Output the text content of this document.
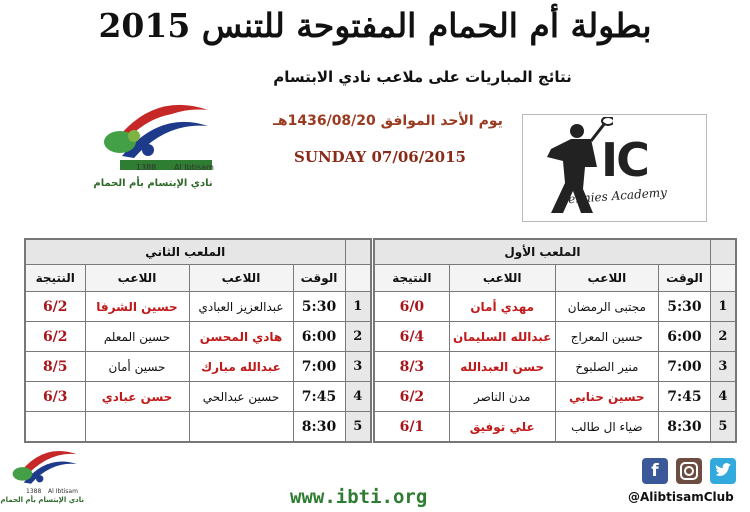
بطولة أم الحمام المفتوحة للتنس 2015
نتائج المباريات على ملاعب نادي الابتسام
يوم الأحد الموافق 1436/08/20هـ
SUNDAY 07/06/2015
1388 Al Ibtisam
نادي الإبتسام بأم الحمام	IC
Tennies Academy
الملعب الأول				
النتيجة	اللاعب	اللاعب	الوقت	
6/0	مهدي أمان	مجتبى الرمضان	5:30	1
6/4	عبدالله السليمان	حسين المعراج	6:00	2
8/3	حسن العبدالله	منير الصلبوخ	7:00	3
6/2	مدن الناصر	حسين حنابي	7:45	4
6/1	علي توفيق	ضياء ال طالب	8:30	5
الملعب الثاني				
النتيجة	اللاعب	اللاعب	الوقت	
6/2	حسين الشرفا	عبدالعزيز العبادي	5:30	1
6/2	حسين المعلم	هادي المحسن	6:00	2
8/5	حسين أمان	عبدالله مبارك	7:00	3
6/3	حسن عبادي	حسين عبدالحي	7:45	4
			8:30	5
1388 Al Ibtisam
نادي الإبتسام بأم الحمام	www.ibti.org
f
@AlibtisamClub
